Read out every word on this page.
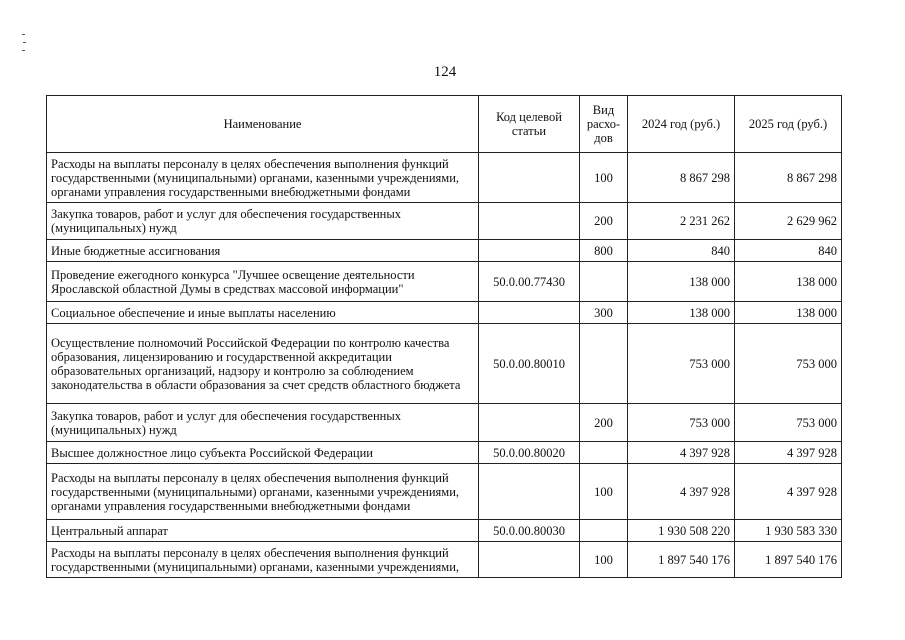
124
Наименование	Код целевой статьи	Вид расхо- дов	2024 год (руб.)	2025 год (руб.)
Расходы на выплаты персоналу в целях обеспечения выполнения функций государственными (муниципальными) органами, казенными учреждениями, органами управления государственными внебюджетными фондами		100	8 867 298	8 867 298
Закупка товаров, работ и услуг для обеспечения государственных (муниципальных) нужд		200	2 231 262	2 629 962
Иные бюджетные ассигнования		800	840	840
Проведение ежегодного конкурса "Лучшее освещение деятельности Ярославской областной Думы в средствах массовой информации"	50.0.00.77430		138 000	138 000
Социальное обеспечение и иные выплаты населению		300	138 000	138 000
Осуществление полномочий Российской Федерации по контролю качества образования, лицензированию и государственной аккредитации образовательных организаций, надзору и контролю за соблюдением законодательства в области образования за счет средств областного бюджета	50.0.00.80010		753 000	753 000
Закупка товаров, работ и услуг для обеспечения государственных (муниципальных) нужд		200	753 000	753 000
Высшее должностное лицо субъекта Российской Федерации	50.0.00.80020		4 397 928	4 397 928
Расходы на выплаты персоналу в целях обеспечения выполнения функций государственными (муниципальными) органами, казенными учреждениями, органами управления государственными внебюджетными фондами		100	4 397 928	4 397 928
Центральный аппарат	50.0.00.80030		1 930 508 220	1 930 583 330
Расходы на выплаты персоналу в целях обеспечения выполнения функций государственными (муниципальными) органами, казенными учреждениями,		100	1 897 540 176	1 897 540 176
